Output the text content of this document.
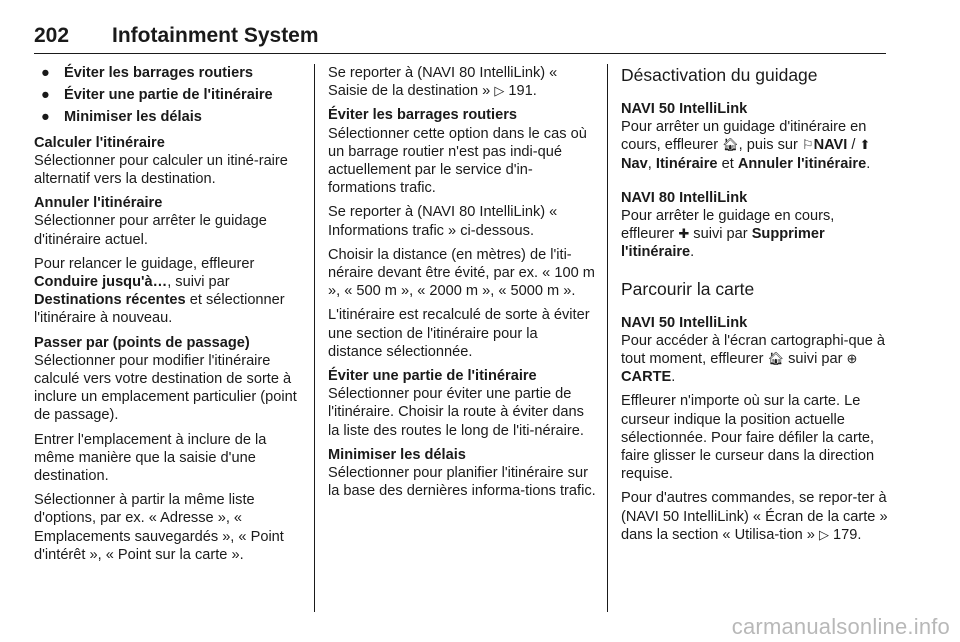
202 Infotainment System
● Éviter les barrages routiers
● Éviter une partie de l'itinéraire
● Minimiser les délais

Calculer l'itinéraire
Sélectionner pour calculer un itiné-raire alternatif vers la destination.

Annuler l'itinéraire
Sélectionner pour arrêter le guidage d'itinéraire actuel.

Pour relancer le guidage, effleurer Conduire jusqu'à…, suivi par Destinations récentes et sélectionner l'itinéraire à nouveau.

Passer par (points de passage)
Sélectionner pour modifier l'itinéraire calculé vers votre destination de sorte à inclure un emplacement particulier (point de passage).

Entrer l'emplacement à inclure de la même manière que la saisie d'une destination.

Sélectionner à partir la même liste d'options, par ex. « Adresse », « Emplacements sauvegardés », « Point d'intérêt », « Point sur la carte ».

Se reporter à (NAVI 80 IntelliLink) « Saisie de la destination » ▷ 191.

Éviter les barrages routiers
Sélectionner cette option dans le cas où un barrage routier n'est pas indi-qué actuellement par le service d'in-formations trafic.

Se reporter à (NAVI 80 IntelliLink) « Informations trafic » ci-dessous.

Choisir la distance (en mètres) de l'iti-néraire devant être évité, par ex. « 100 m », « 500 m », « 2000 m », « 5000 m ».

L'itinéraire est recalculé de sorte à éviter une section de l'itinéraire pour la distance sélectionnée.

Éviter une partie de l'itinéraire
Sélectionner pour éviter une partie de l'itinéraire. Choisir la route à éviter dans la liste des routes le long de l'iti-néraire.

Minimiser les délais
Sélectionner pour planifier l'itinéraire sur la base des dernières informa-tions trafic.

Désactivation du guidage
NAVI 50 IntelliLink

Pour arrêter un guidage d'itinéraire en cours, effleurer 🏠︎, puis sur ⚐NAVI / ⬆Nav, Itinéraire et Annuler l'itinéraire.

NAVI 80 IntelliLink

Pour arrêter le guidage en cours, effleurer ✚ suivi par Supprimer l'itinéraire.

Parcourir la carte
NAVI 50 IntelliLink

Pour accéder à l'écran cartographi-que à tout moment, effleurer 🏠︎ suivi par ⊕CARTE.

Effleurer n'importe où sur la carte. Le curseur indique la position actuelle sélectionnée. Pour faire défiler la carte, faire glisser le curseur dans la direction requise.

Pour d'autres commandes, se repor-ter à (NAVI 50 IntelliLink) « Écran de la carte » dans la section « Utilisa-tion » ▷ 179.

carmanualsonline.info
